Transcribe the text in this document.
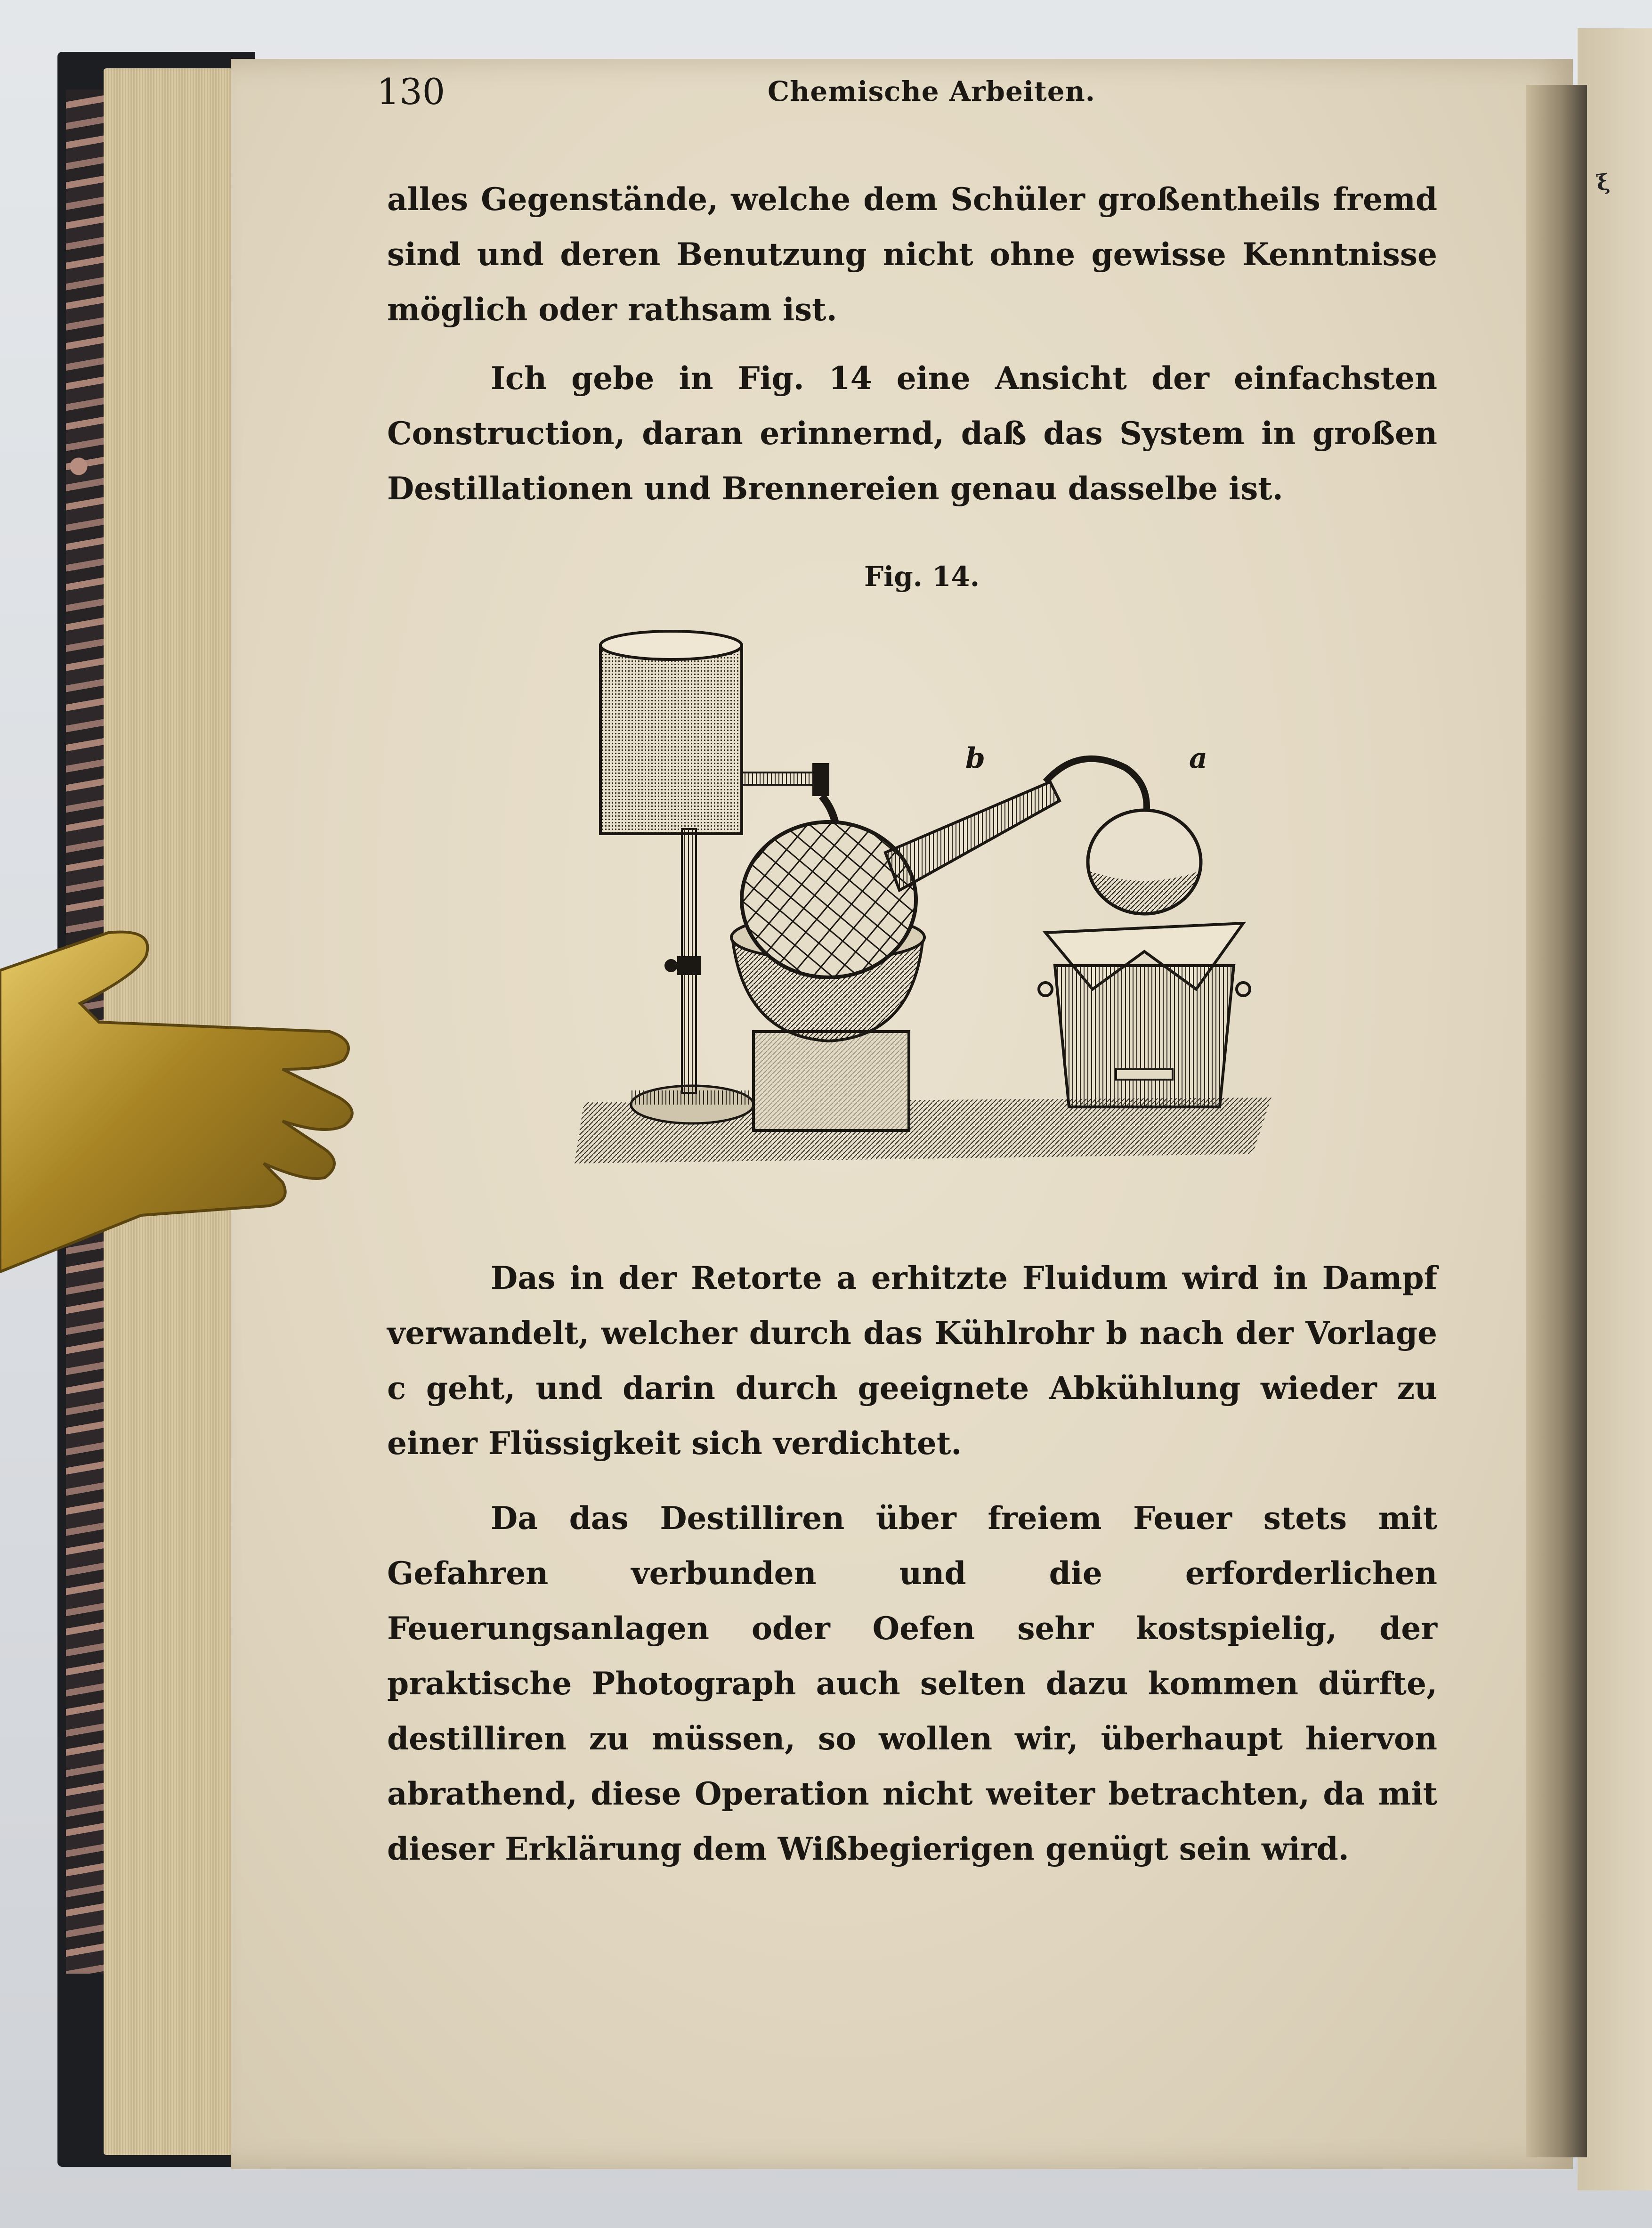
ξ
130	Chemische Arbeiten.

alles Gegenstände, welche dem Schüler großentheils fremd sind und deren Benutzung nicht ohne gewisse Kenntnisse möglich oder rathsam ist.

Ich gebe in Fig. 14 eine Ansicht der einfachsten Construction, daran erinnernd, daß das System in großen Destillationen und Brennereien genau dasselbe ist.

Fig. 14.
b	a

Das in der Retorte a erhitzte Fluidum wird in Dampf verwandelt, welcher durch das Kühlrohr b nach der Vorlage c geht, und darin durch geeignete Abkühlung wieder zu einer Flüssigkeit sich verdichtet.

Da das Destilliren über freiem Feuer stets mit Gefahren verbunden und die erforderlichen Feuerungsanlagen oder Oefen sehr kostspielig, der praktische Photograph auch selten dazu kommen dürfte, destilliren zu müssen, so wollen wir, überhaupt hiervon abrathend, diese Operation nicht weiter betrachten, da mit dieser Erklärung dem Wißbegierigen genügt sein wird.
